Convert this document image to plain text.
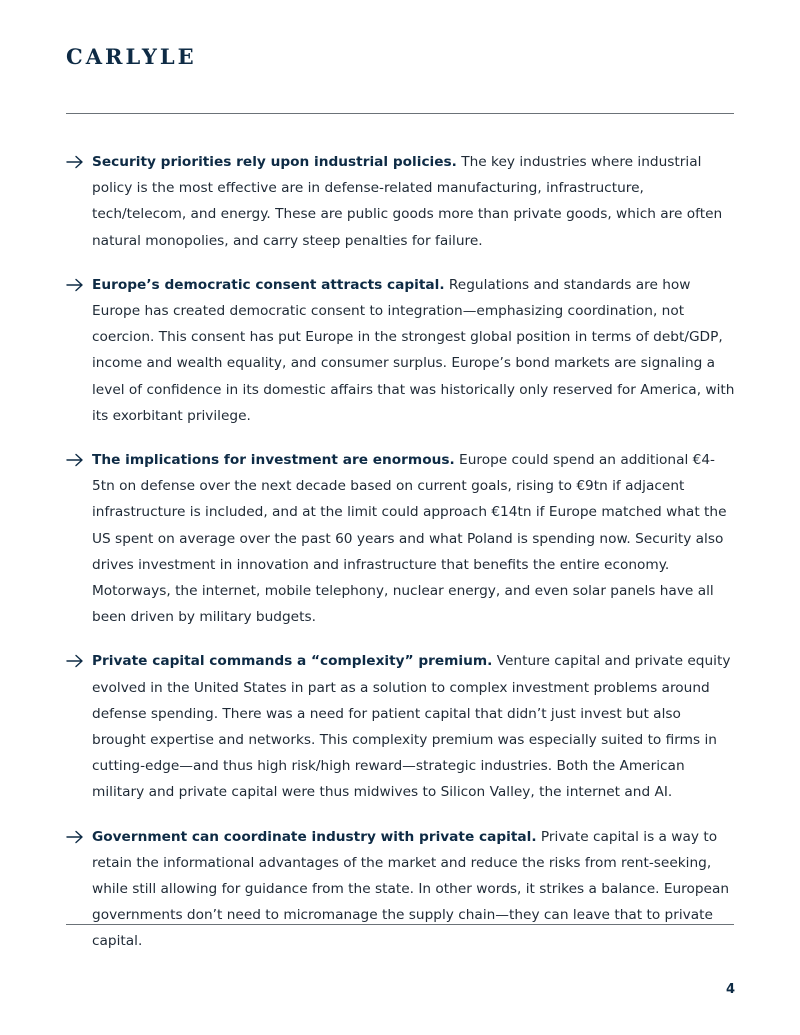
CARLYLE
Security priorities rely upon industrial policies. The key industries where industrial policy is the most effective are in defense-related manufacturing, infrastructure, tech/telecom, and energy. These are public goods more than private goods, which are often natural monopolies, and carry steep penalties for failure.
Europe’s democratic consent attracts capital. Regulations and standards are how Europe has created democratic consent to integration—emphasizing coordination, not coercion. This consent has put Europe in the strongest global position in terms of debt/GDP, income and wealth equality, and consumer surplus. Europe’s bond markets are signaling a level of confidence in its domestic affairs that was historically only reserved for America, with its exorbitant privilege.
The implications for investment are enormous. Europe could spend an additional €4-5tn on defense over the next decade based on current goals, rising to €9tn if adjacent infrastructure is included, and at the limit could approach €14tn if Europe matched what the US spent on average over the past 60 years and what Poland is spending now. Security also drives investment in innovation and infrastructure that benefits the entire economy. Motorways, the internet, mobile telephony, nuclear energy, and even solar panels have all been driven by military budgets.
Private capital commands a “complexity” premium. Venture capital and private equity evolved in the United States in part as a solution to complex investment problems around defense spending. There was a need for patient capital that didn’t just invest but also brought expertise and networks. This complexity premium was especially suited to firms in cutting-edge—and thus high risk/high reward—strategic industries. Both the American military and private capital were thus midwives to Silicon Valley, the internet and AI.
Government can coordinate industry with private capital. Private capital is a way to retain the informational advantages of the market and reduce the risks from rent-seeking, while still allowing for guidance from the state. In other words, it strikes a balance. European governments don’t need to micromanage the supply chain—they can leave that to private capital.
4
